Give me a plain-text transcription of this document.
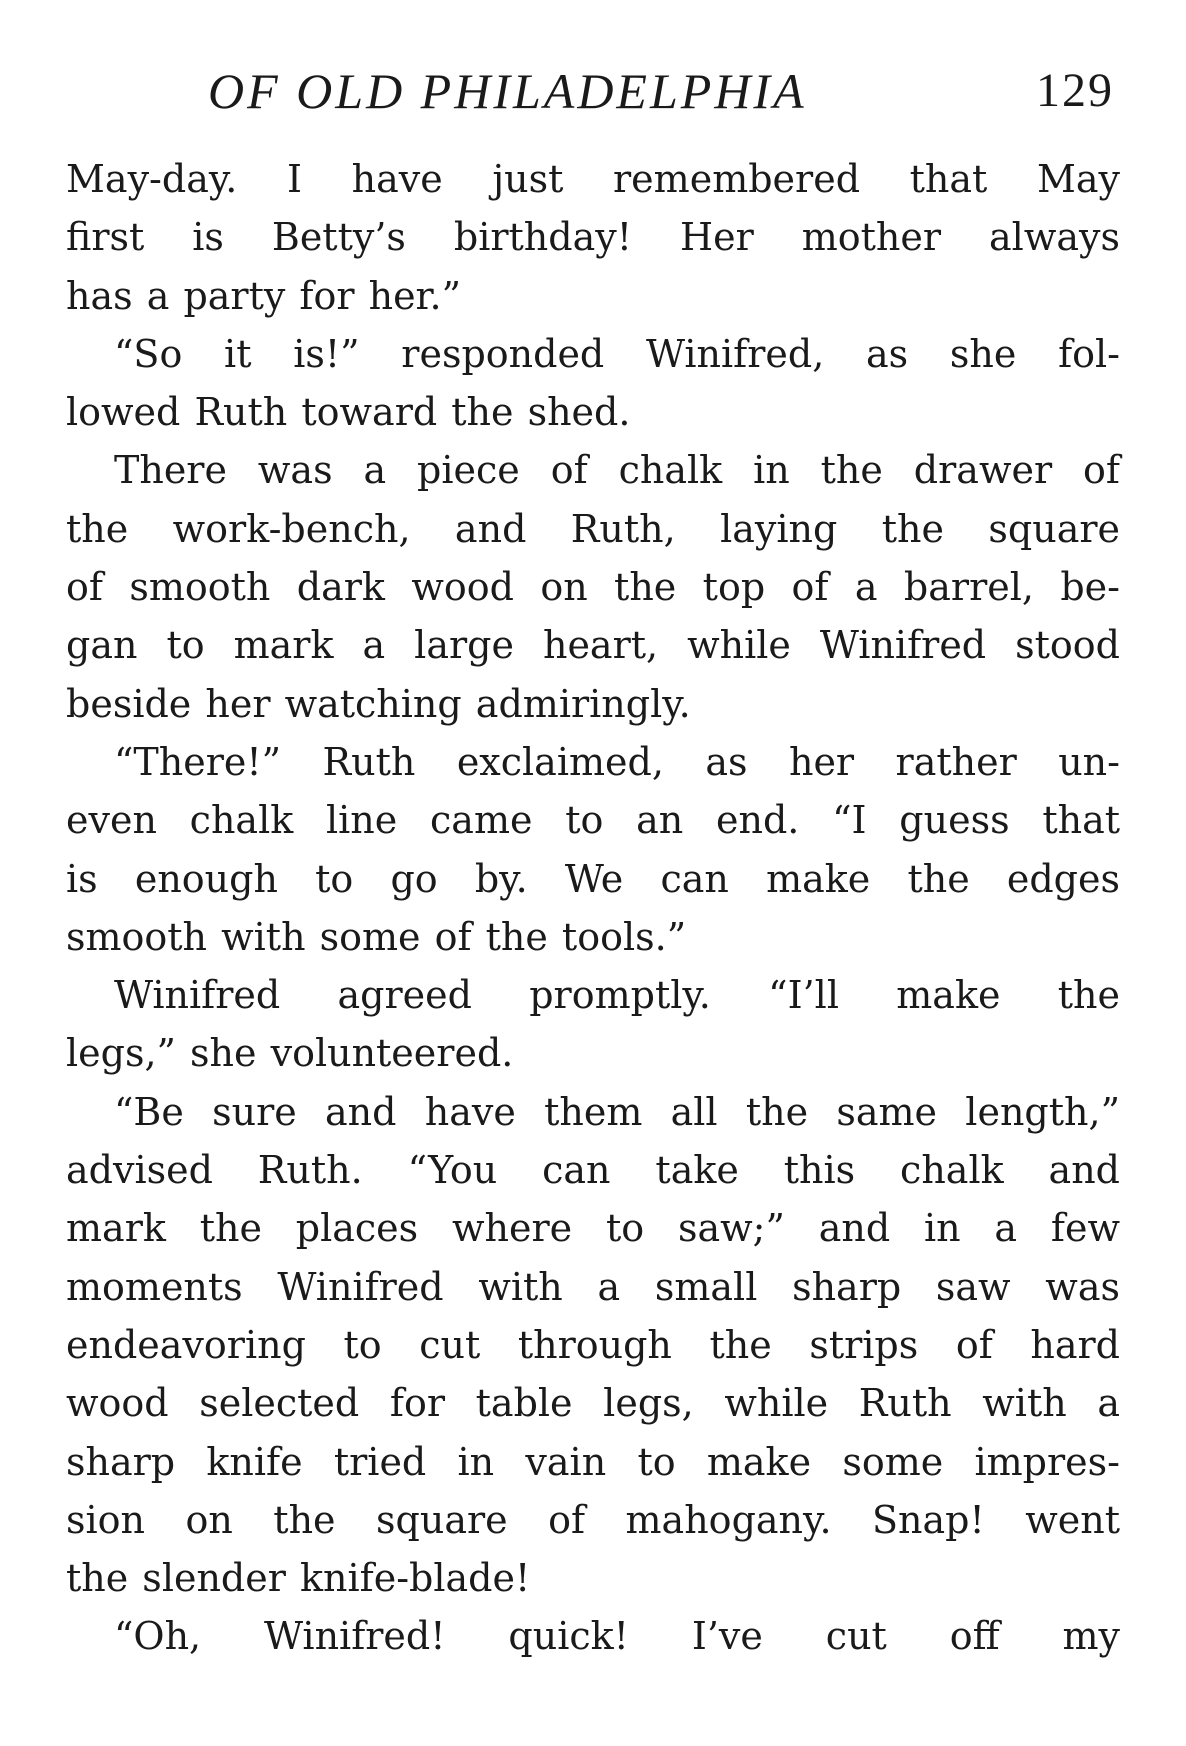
OF OLD PHILADELPHIA	129
May-day. I have just remembered that May
first is Betty’s birthday! Her mother always
has a party for her.”
“So it is!” responded Winifred, as she fol-
lowed Ruth toward the shed.
There was a piece of chalk in the drawer of
the work-bench, and Ruth, laying the square
of smooth dark wood on the top of a barrel, be-
gan to mark a large heart, while Winifred stood
beside her watching admiringly.
“There!” Ruth exclaimed, as her rather un-
even chalk line came to an end. “I guess that
is enough to go by. We can make the edges
smooth with some of the tools.”
Winifred agreed promptly. “I’ll make the
legs,” she volunteered.
“Be sure and have them all the same length,”
advised Ruth. “You can take this chalk and
mark the places where to saw;” and in a few
moments Winifred with a small sharp saw was
endeavoring to cut through the strips of hard
wood selected for table legs, while Ruth with a
sharp knife tried in vain to make some impres-
sion on the square of mahogany. Snap! went
the slender knife-blade!
“Oh, Winifred! quick! I’ve cut off my
